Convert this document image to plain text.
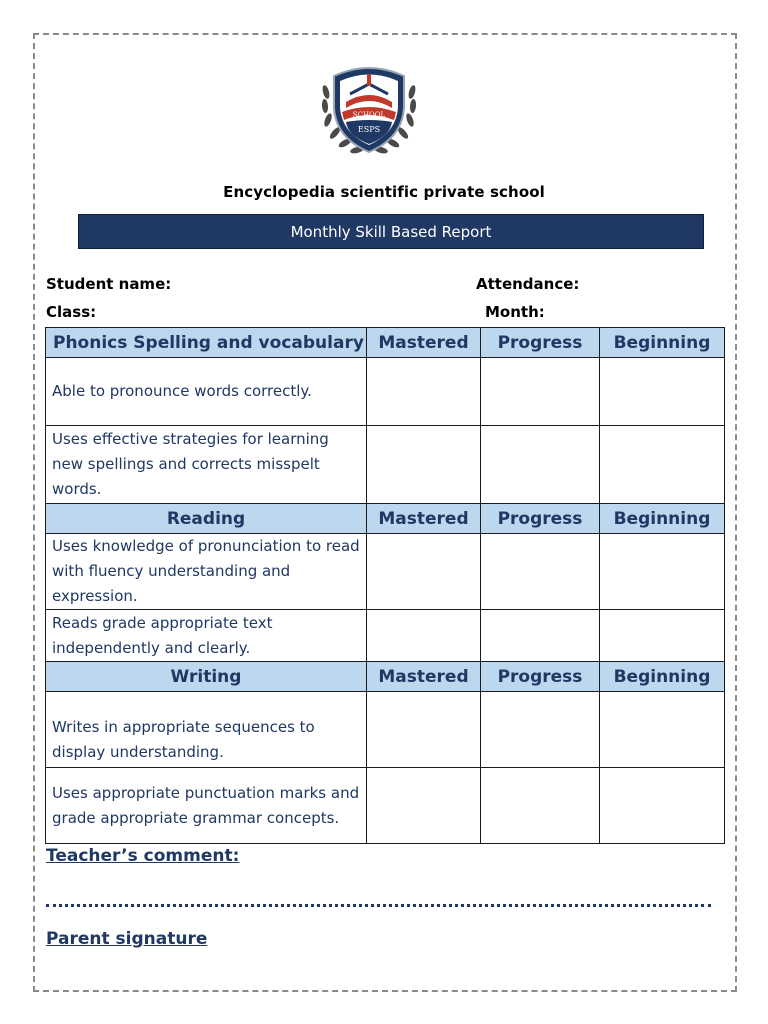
SCHOOL
ESPS
Encyclopedia scientific private school
Monthly Skill Based Report
Student name:	Attendance:
Class:	Month:
Phonics Spelling and vocabulary	Mastered	Progress	Beginning
Able to pronounce words correctly.			
Uses effective strategies for learning new spellings and corrects misspelt words.			
Reading	Mastered	Progress	Beginning
Uses knowledge of pronunciation to read with fluency understanding and expression.			
Reads grade appropriate text independently and clearly.			
Writing	Mastered	Progress	Beginning
Writes in appropriate sequences to display understanding.			
Uses appropriate punctuation marks and grade appropriate grammar concepts.			
Teacher’s comment:
Parent signature
